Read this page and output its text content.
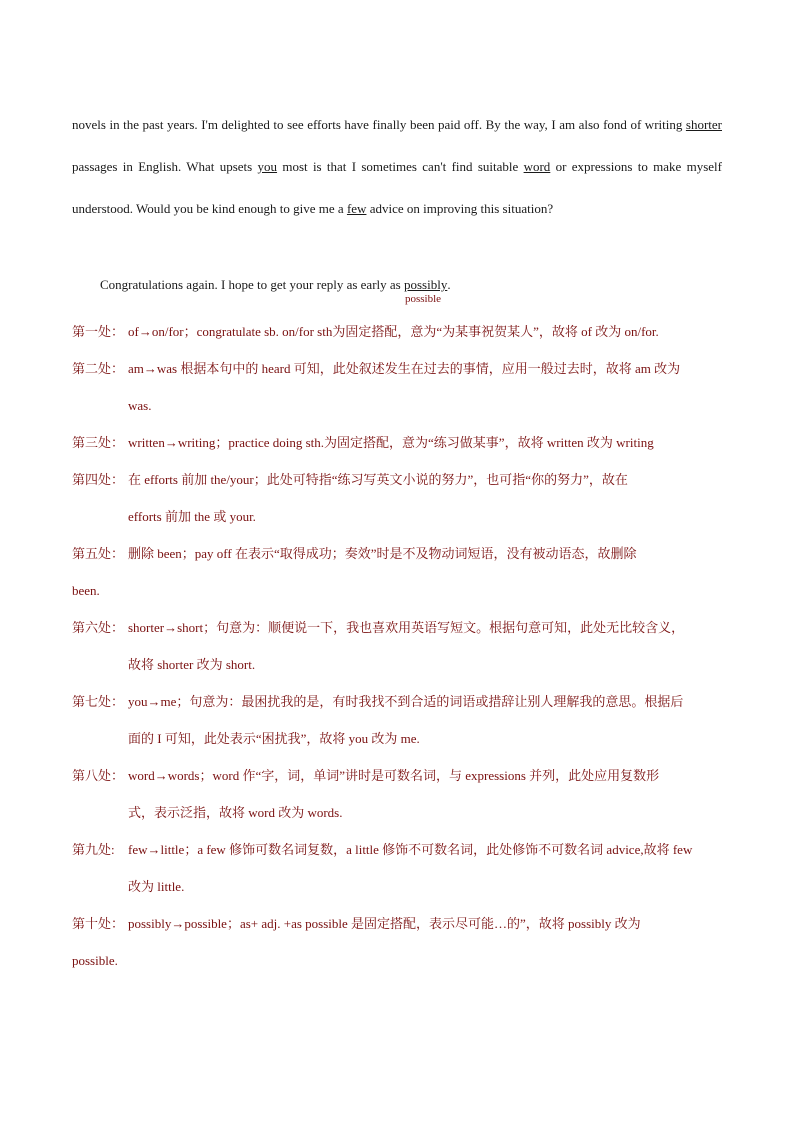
novels in the past years. I'm delighted to see efforts have finally been paid off. By the way, I am also fond of writing shorter passages in English. What upsets you most is that I sometimes can't find suitable word or expressions to make myself understood. Would you be kind enough to give me a few advice on improving this situation?

Congratulations again. I hope to get your reply as early as possibly
possible
.

第一处： of→on/for；congratulate sb. on/for sth为固定搭配，意为“为某事祝贺某人”，故将 of 改为 on/for.
第二处： am→was 根据本句中的 heard 可知，此处叙述发生在过去的事情，应用一般过去时，故将 am 改为
was.
第三处： written→writing；practice doing sth.为固定搭配，意为“练习做某事”，故将 written 改为 writing
第四处： 在 efforts 前加 the/your；此处可特指“练习写英文小说的努力”，也可指“你的努力”，故在
efforts 前加 the 或 your.
第五处： 删除 been；pay off 在表示“取得成功；奏效”时是不及物动词短语，没有被动语态，故删除
been.
第六处： shorter→short；句意为：顺便说一下，我也喜欢用英语写短文。根据句意可知，此处无比较含义，
故将 shorter 改为 short.
第七处： you→me；句意为：最困扰我的是，有时我找不到合适的词语或措辞让别人理解我的意思。根据后
面的 I 可知，此处表示“困扰我”，故将 you 改为 me.
第八处： word→words；word 作“字，词，单词”讲时是可数名词，与 expressions 并列，此处应用复数形
式，表示泛指，故将 word 改为 words.
第九处: few→little；a few 修饰可数名词复数，a little 修饰不可数名词，此处修饰不可数名词 advice,故将 few
改为 little.
第十处： possibly→possible；as+ adj. +as possible 是固定搭配，表示尽可能…的”，故将 possibly 改为
possible.
